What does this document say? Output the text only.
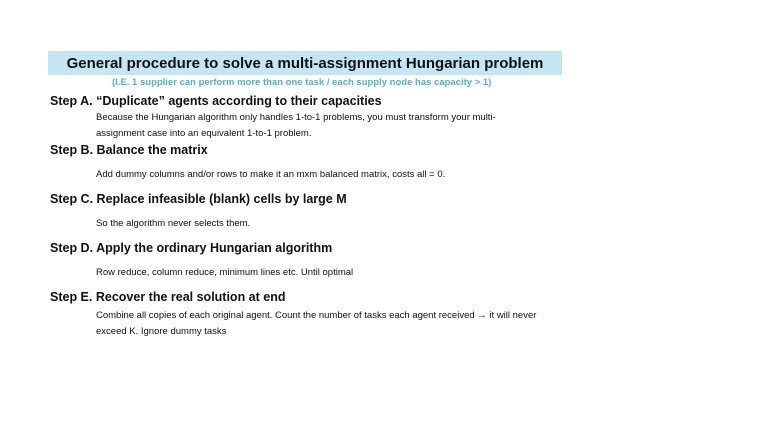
General procedure to solve a multi-assignment Hungarian problem
(I.E. 1 supplier can perform more than one task / each supply node has capacity > 1)
Step A. “Duplicate” agents according to their capacities
Because the Hungarian algorithm only handles 1-to-1 problems, you must transform your multi-
assignment case into an equivalent 1-to-1 problem.
Step B. Balance the matrix
Add dummy columns and/or rows to make it an mxm balanced matrix, costs all = 0.
Step C. Replace infeasible (blank) cells by large M
So the algorithm never selects them.
Step D. Apply the ordinary Hungarian algorithm
Row reduce, column reduce, minimum lines etc. Until optimal
Step E. Recover the real solution at end
Combine all copies of each original agent. Count the number of tasks each agent received → it will never
exceed K. Ignore dummy tasks
